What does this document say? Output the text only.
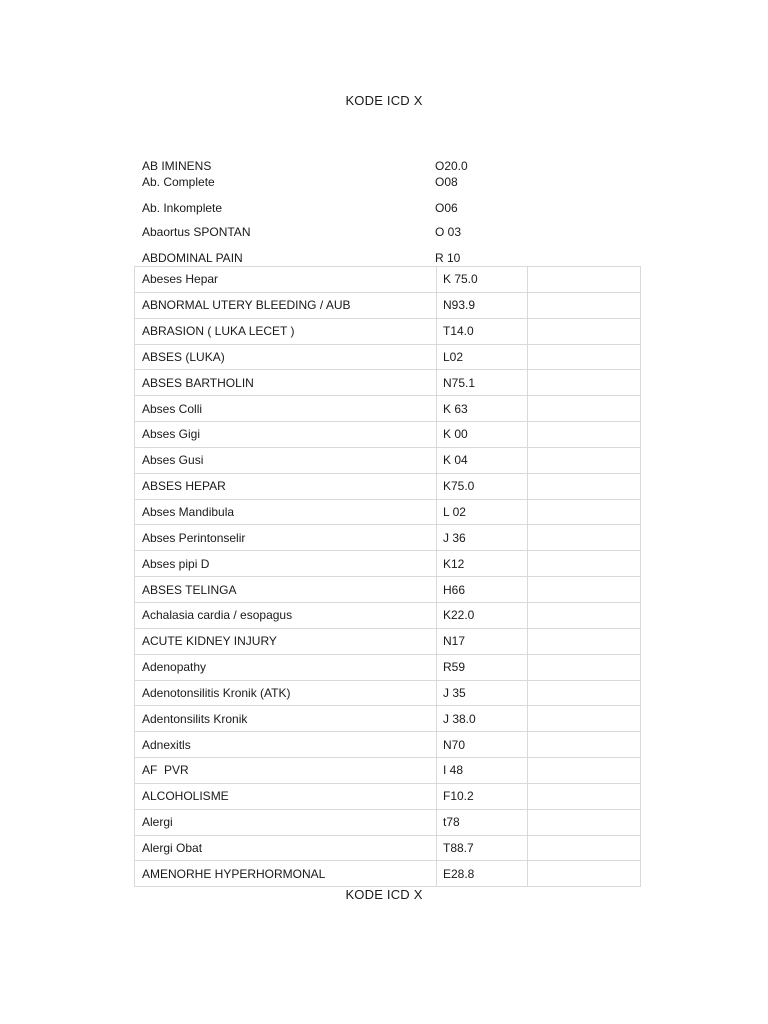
KODE ICD X
AB IMINENS	O20.0
Ab. Complete	O08
Ab. Inkomplete	O06
Abaortus SPONTAN	O 03
ABDOMINAL PAIN	R 10
Abeses Hepar	K 75.0	
ABNORMAL UTERY BLEEDING / AUB	N93.9	
ABRASION ( LUKA LECET )	T14.0	
ABSES (LUKA)	L02	
ABSES BARTHOLIN	N75.1	
Abses Colli	K 63	
Abses Gigi	K 00	
Abses Gusi	K 04	
ABSES HEPAR	K75.0	
Abses Mandibula	L 02	
Abses Perintonselir	J 36	
Abses pipi D	K12	
ABSES TELINGA	H66	
Achalasia cardia / esopagus	K22.0	
ACUTE KIDNEY INJURY	N17	
Adenopathy	R59	
Adenotonsilitis Kronik (ATK)	J 35	
Adentonsilits Kronik	J 38.0	
Adnexitls	N70	
AF  PVR	I 48	
ALCOHOLISME	F10.2	
Alergi	t78	
Alergi Obat	T88.7	
AMENORHE HYPERHORMONAL	E28.8	
KODE ICD X
